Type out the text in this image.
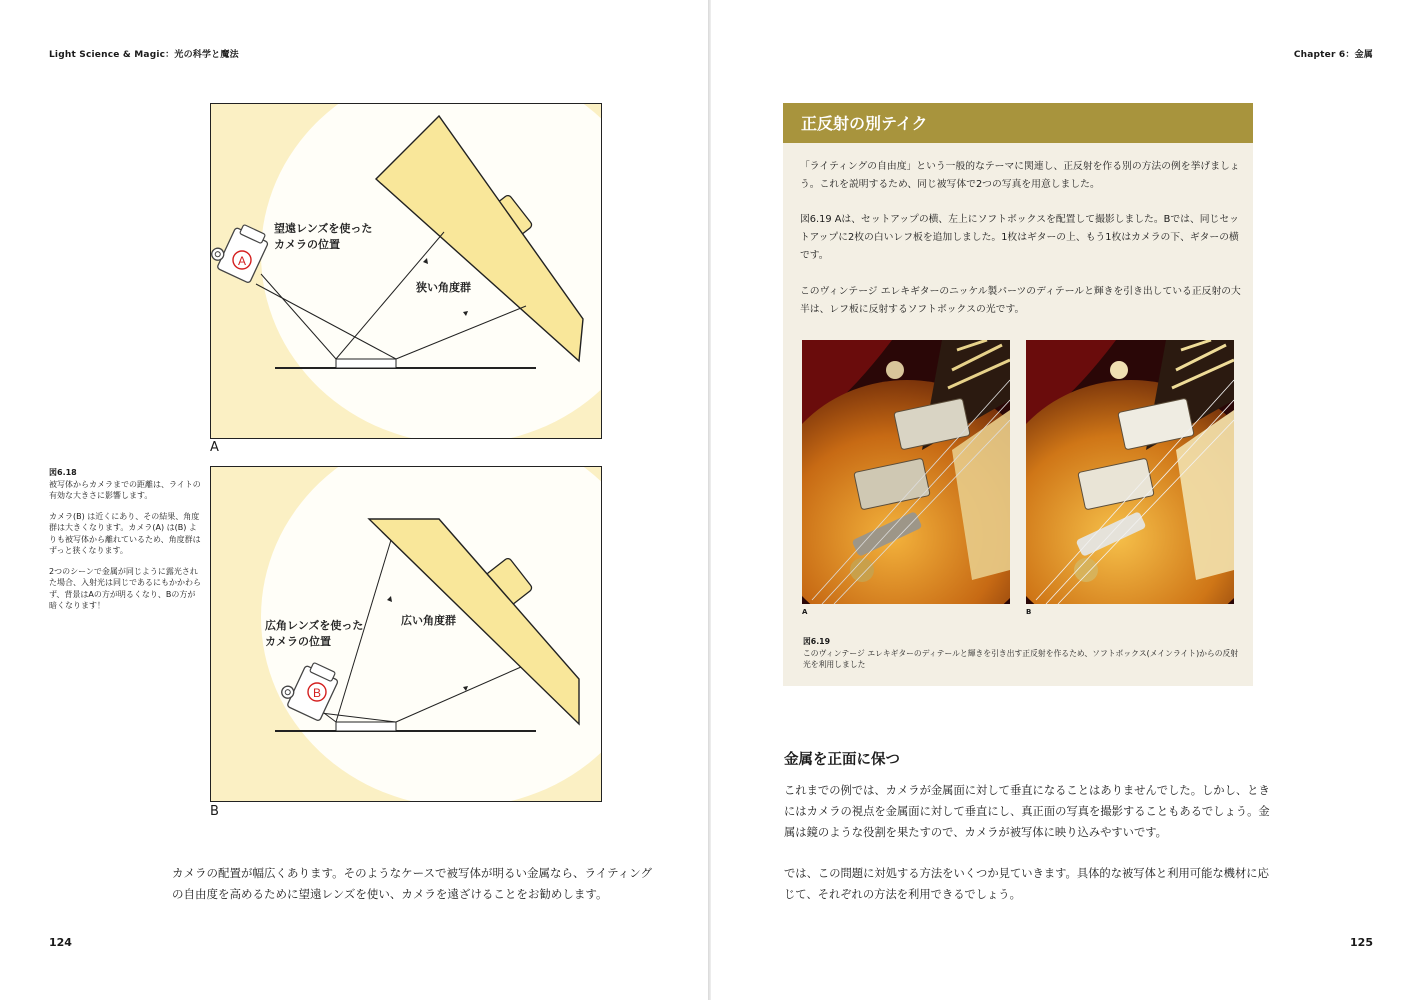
Light Science & Magic：光の科学と魔法
A
望遠レンズを使った
カメラの位置
狭い角度群
A
図6.18

被写体からカメラまでの距離は、ライトの有効な大きさに影響します。

カメラ(B) は近くにあり、その結果、角度群は大きくなります。カメラ(A) は(B) よりも被写体から離れているため、角度群はずっと狭くなります。

2つのシーンで金属が同じように露光された場合、入射光は同じであるにもかかわらず、背景はAの方が明るくなり、Bの方が暗くなります！

B
広角レンズを使った
カメラの位置
広い角度群
B
カメラの配置が幅広くあります。そのようなケースで被写体が明るい金属なら、ライティングの自由度を高めるために望遠レンズを使い、カメラを遠ざけることをお勧めします。
124
Chapter 6：金属
正反射の別テイク

「ライティングの自由度」という一般的なテーマに関連し、正反射を作る別の方法の例を挙げましょう。これを説明するため、同じ被写体で2つの写真を用意しました。

図6.19 Aは、セットアップの横、左上にソフトボックスを配置して撮影しました。Bでは、同じセットアップに2枚の白いレフ板を追加しました。1枚はギターの上、もう1枚はカメラの下、ギターの横です。

このヴィンテージ エレキギターのニッケル製パーツのディテールと輝きを引き出している正反射の大半は、レフ板に反射するソフトボックスの光です。

A	B
図6.19
このヴィンテージ エレキギターのディテールと輝きを引き出す正反射を作るため、ソフトボックス(メインライト)からの反射光を利用しました
金属を正面に保つ

これまでの例では、カメラが金属面に対して垂直になることはありませんでした。しかし、ときにはカメラの視点を金属面に対して垂直にし、真正面の写真を撮影することもあるでしょう。金属は鏡のような役割を果たすので、カメラが被写体に映り込みやすいです。

では、この問題に対処する方法をいくつか見ていきます。具体的な被写体と利用可能な機材に応じて、それぞれの方法を利用できるでしょう。

125
